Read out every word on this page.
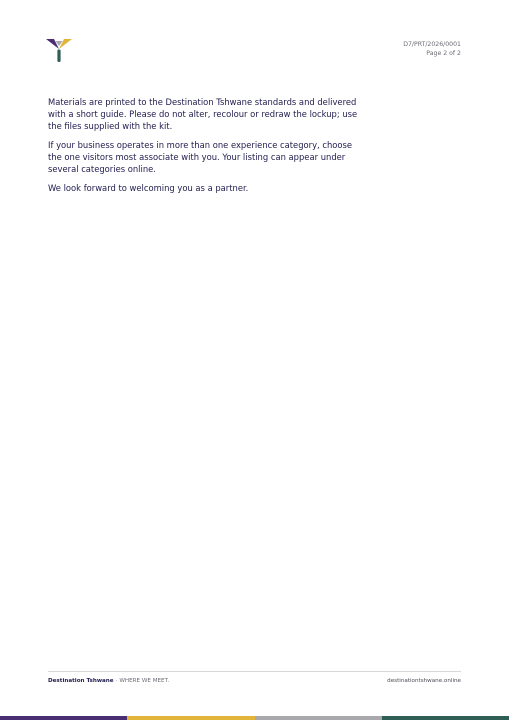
D7/PRT/2026/0001
Page 2 of 2

Materials are printed to the Destination Tshwane standards and delivered with a short guide. Please do not alter, recolour or redraw the lockup; use the files supplied with the kit.

If your business operates in more than one experience category, choose the one visitors most associate with you. Your listing can appear under several categories online.

We look forward to welcoming you as a partner.

Destination Tshwane · WHERE WE MEET.	destinationtshwane.online
